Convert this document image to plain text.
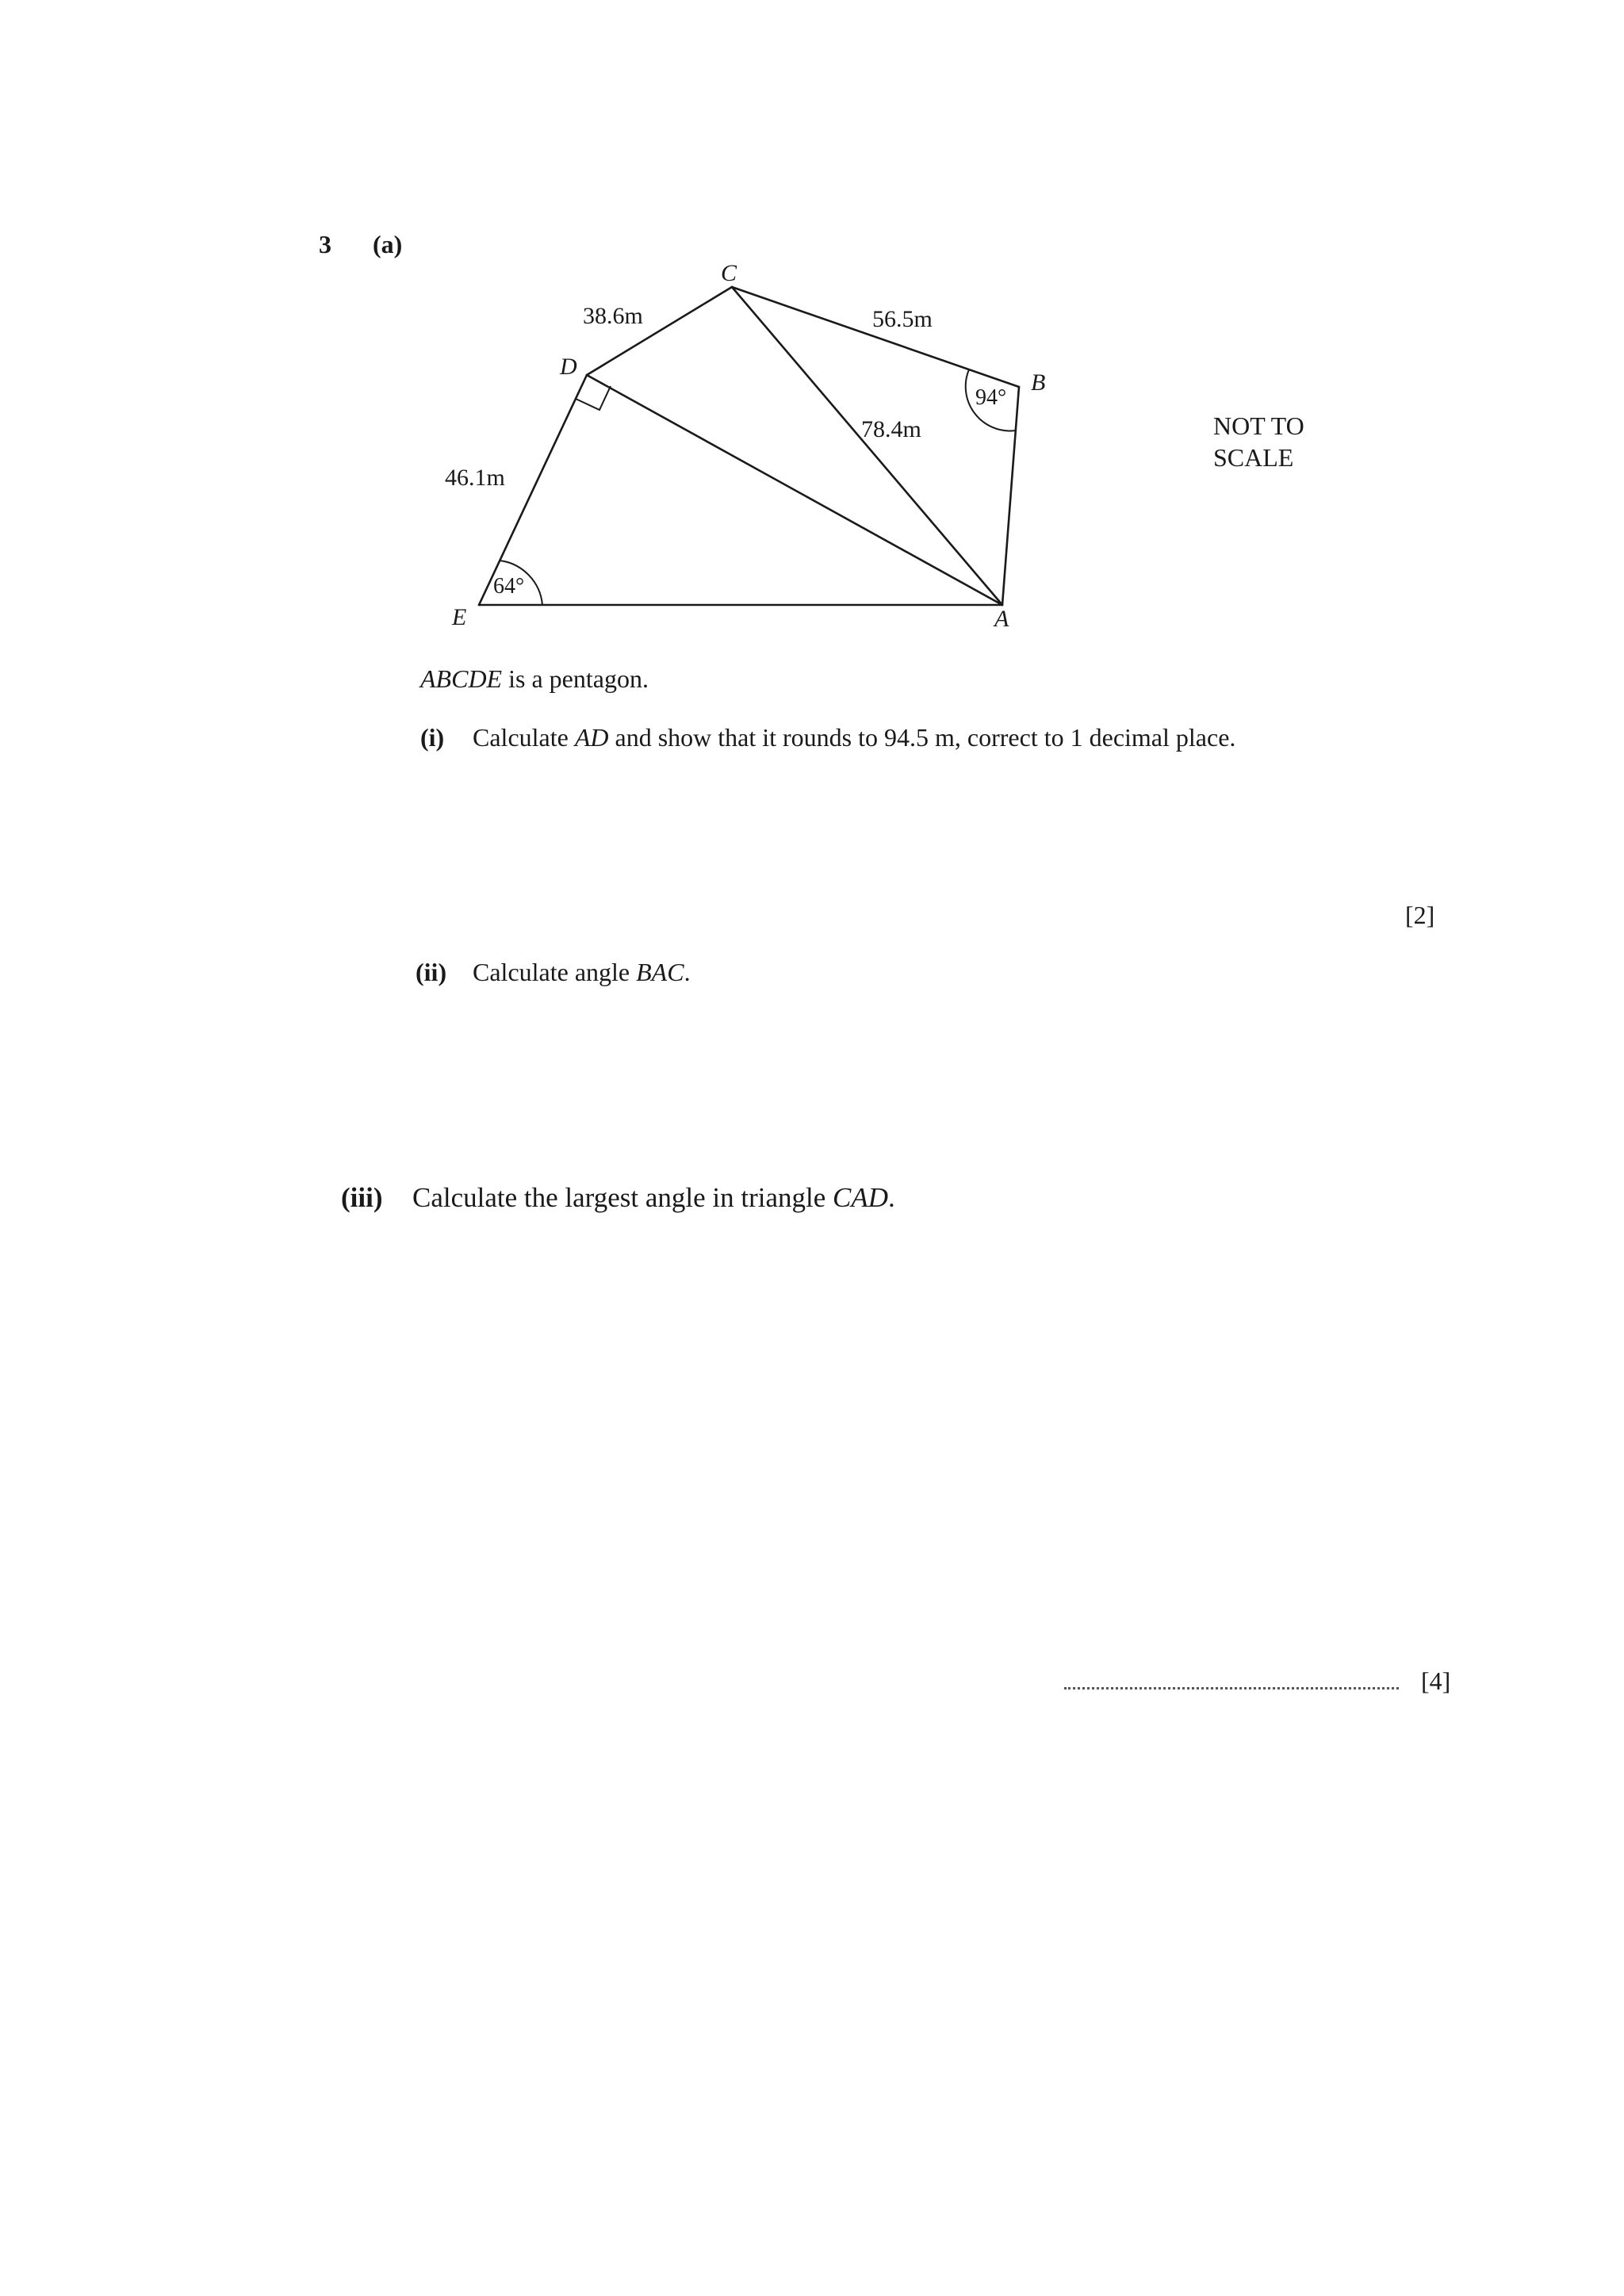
3 (a)
C
B
D
E	A
38.6m	56.5m
78.4m
46.1m
94°
64°
NOT TO
SCALE
ABCDE is a pentagon.
(i) Calculate AD and show that it rounds to 94.5 m, correct to 1 decimal place.
[2]
(ii) Calculate angle BAC.
(iii) Calculate the largest angle in triangle CAD.
[4]
